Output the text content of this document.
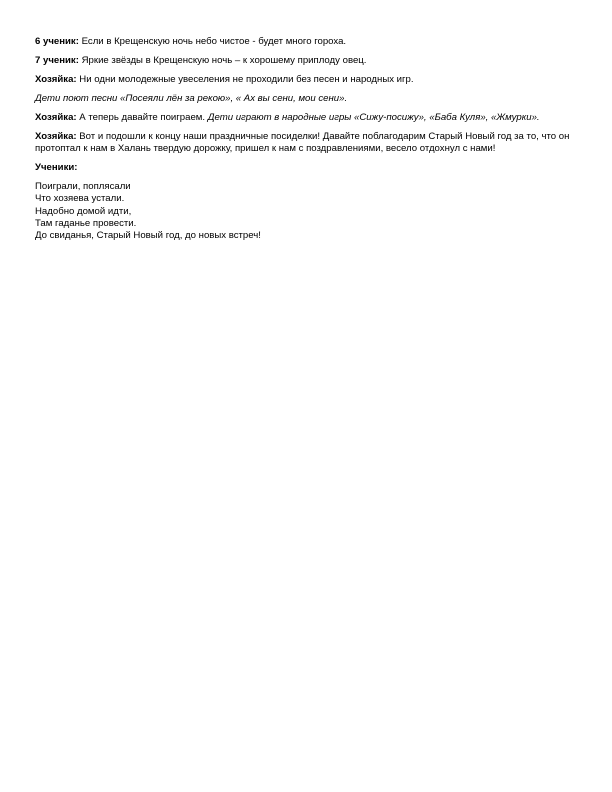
6 ученик: Если в Крещенскую ночь небо чистое - будет много гороха.

7 ученик: Яркие звёзды в Крещенскую ночь – к хорошему приплоду овец.

Хозяйка: Ни одни молодежные увеселения не проходили без песен и народных игр.

Дети поют песни «Посеяли лён за рекою», « Ах вы сени, мои сени».

Хозяйка: А теперь давайте поиграем. Дети играют в народные игры «Сижу-посижу», «Баба Куля», «Жмурки».

Хозяйка: Вот и подошли к концу наши праздничные посиделки! Давайте поблагодарим Старый Новый год за то, что он протоптал к нам в Халань твердую дорожку, пришел к нам с поздравлениями, весело отдохнул с нами!

Ученики:

Поиграли, поплясали
Что хозяева устали.
Надобно домой идти,
Там гаданье провести.
До свиданья, Старый Новый год, до новых встреч!
